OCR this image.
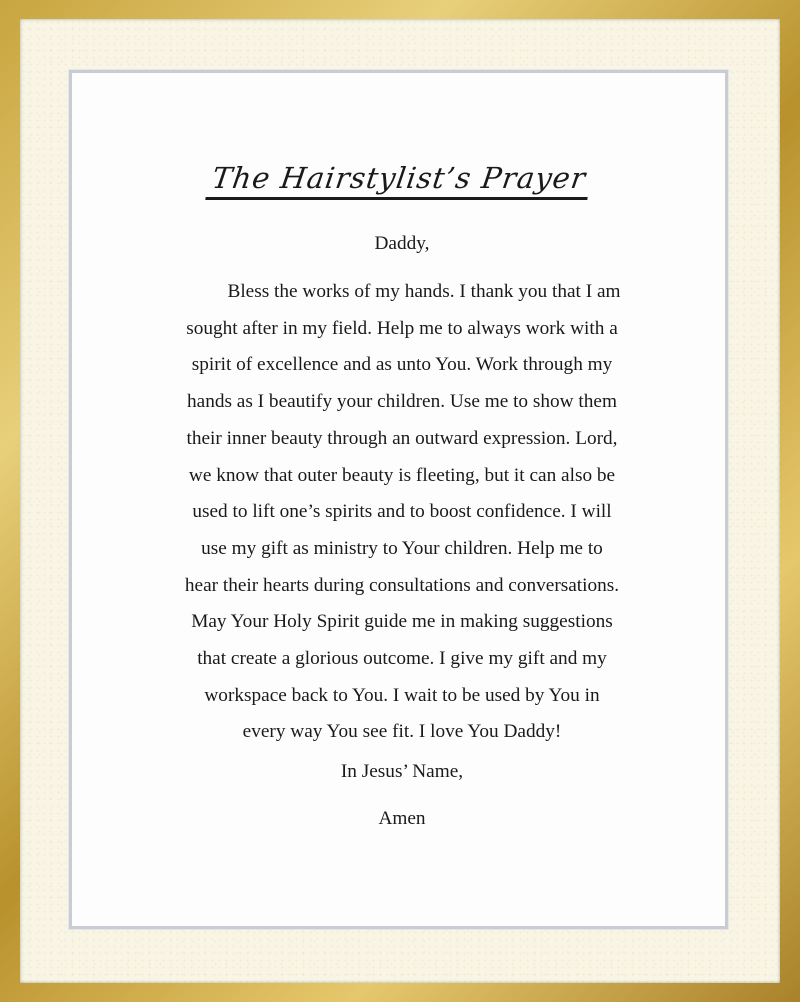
The Hairstylist’s Prayer
Daddy,

Bless the works of my hands. I thank you that I am

sought after in my field. Help me to always work with a

spirit of excellence and as unto You. Work through my

hands as I beautify your children. Use me to show them

their inner beauty through an outward expression. Lord,

we know that outer beauty is fleeting, but it can also be

used to lift one’s spirits and to boost confidence. I will

use my gift as ministry to Your children. Help me to

hear their hearts during consultations and conversations.

May Your Holy Spirit guide me in making suggestions

that create a glorious outcome. I give my gift and my

workspace back to You. I wait to be used by You in

every way You see fit. I love You Daddy!

In Jesus’ Name,
Amen
